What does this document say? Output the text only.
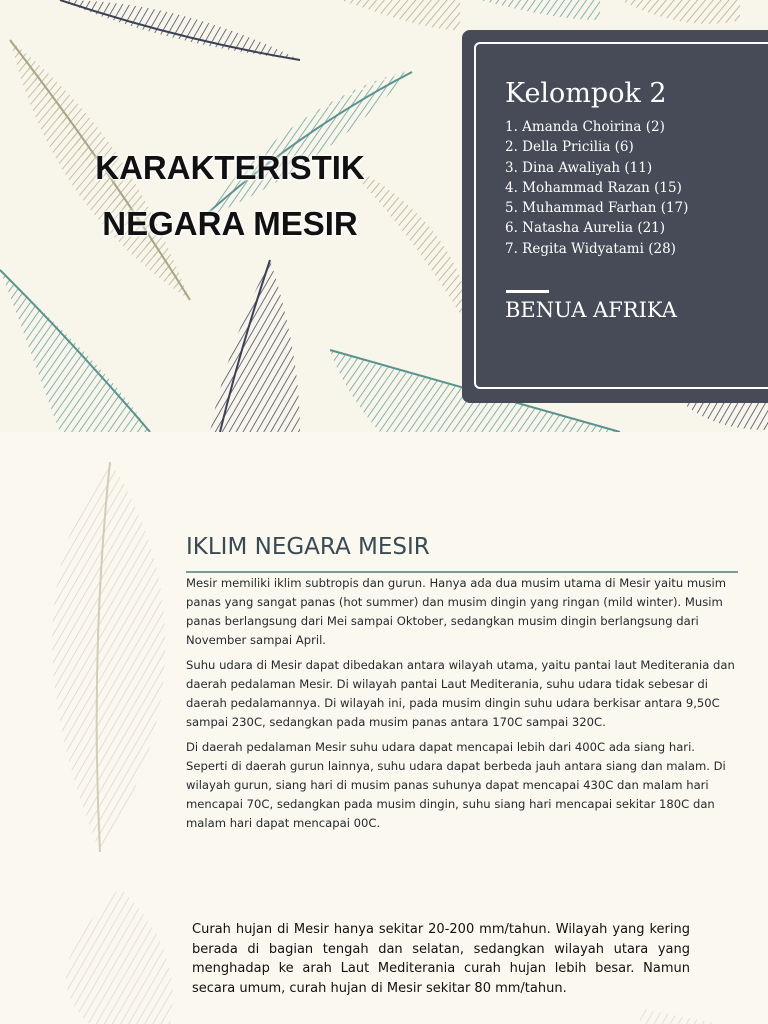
KARAKTERISTIK
NEGARA MESIR
Kelompok 2
1. Amanda Choirina (2)
2. Della Pricilia (6)
3. Dina Awaliyah (11)
4. Mohammad Razan (15)
5. Muhammad Farhan (17)
6. Natasha Aurelia (21)
7. Regita Widyatami (28)
BENUA AFRIKA
IKLIM NEGARA MESIR

Mesir memiliki iklim subtropis dan gurun. Hanya ada dua musim utama di Mesir yaitu musim panas yang sangat panas (hot summer) dan musim dingin yang ringan (mild winter). Musim panas berlangsung dari Mei sampai Oktober, sedangkan musim dingin berlangsung dari November sampai April.

Suhu udara di Mesir dapat dibedakan antara wilayah utama, yaitu pantai laut Mediterania dan daerah pedalaman Mesir. Di wilayah pantai Laut Mediterania, suhu udara tidak sebesar di daerah pedalamannya. Di wilayah ini, pada musim dingin suhu udara berkisar antara 9,50C sampai 230C, sedangkan pada musim panas antara 170C sampai 320C.

Di daerah pedalaman Mesir suhu udara dapat mencapai lebih dari 400C ada siang hari. Seperti di daerah gurun lainnya, suhu udara dapat berbeda jauh antara siang dan malam. Di wilayah gurun, siang hari di musim panas suhunya dapat mencapai 430C dan malam hari mencapai 70C, sedangkan pada musim dingin, suhu siang hari mencapai sekitar 180C dan malam hari dapat mencapai 00C.

Curah hujan di Mesir hanya sekitar 20-200 mm/tahun. Wilayah yang kering berada di bagian tengah dan selatan, sedangkan wilayah utara yang menghadap ke arah Laut Mediterania curah hujan lebih besar. Namun secara umum, curah hujan di Mesir sekitar 80 mm/tahun.
